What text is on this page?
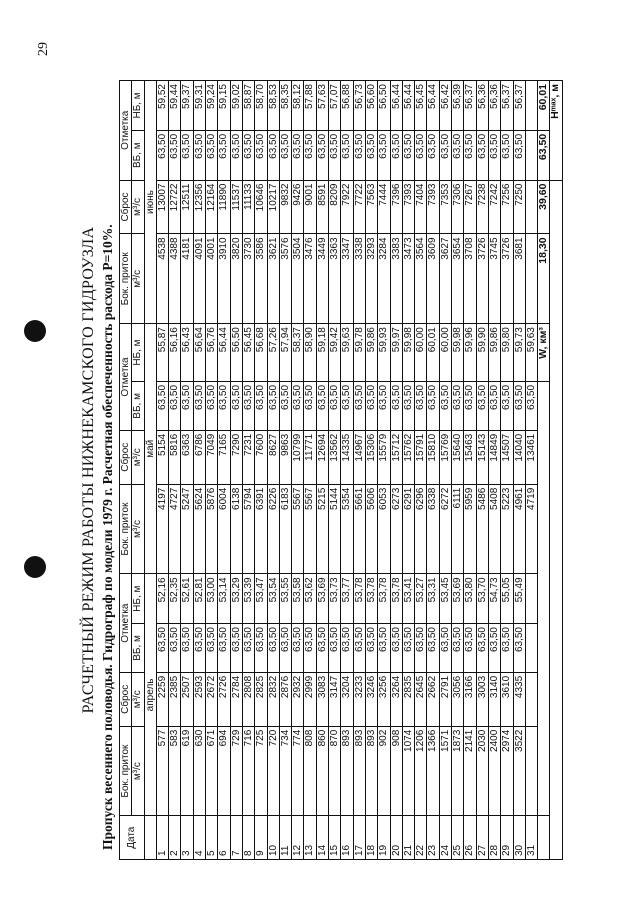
29
РАСЧЕТНЫЙ РЕЖИМ РАБОТЫ НИЖНЕКАМСКОГО ГИДРОУЗЛА Пропуск весеннего половодья. Гидрограф по модели 1979 г. Расчетная обеспеченность расхода Р=10%. Дата	Бок. приток	Сброс	Отметка		Бок. приток	Сброс	Отметка		Бок. приток	Сброс	Отметка	
	м³/с	м³/с	ВБ, м	НБ, м	м³/с	м³/с	ВБ, м	НБ, м	м³/с	м³/с	ВБ, м	НБ, м
	апрель				май				июнь			
1	577	2259	63,50	52,16	4197	5154	63,50	55,87	4538	13007	63,50	59,52
2	583	2385	63,50	52,35	4727	5816	63,50	56,16	4388	12722	63,50	59,44
3	619	2507	63,50	52,61	5247	6363	63,50	56,43	4181	12511	63,50	59,37
4	630	2593	63,50	52,81	5624	6786	63,50	56,64	4091	12356	63,50	59,31
5	671	2672	63,50	53,00	5876	7049	63,50	56,76	4001	12164	63,50	59,24
6	694	2726	63,50	53,14	6004	7165	63,50	56,44	3910	11890	63,50	59,15
7	729	2784	63,50	53,29	6138	7290	63,50	56,50	3820	11537	63,50	59,02
8	716	2808	63,50	53,39	5794	7231	63,50	56,45	3730	11133	63,50	58,87
9	725	2825	63,50	53,47	6391	7600	63,50	56,68	3586	10646	63,50	58,70
10	720	2832	63,50	53,54	6226	8627	63,50	57,26	3621	10217	63,50	58,53
11	734	2876	63,50	53,55	6183	9863	63,50	57,94	3576	9832	63,50	58,35
12	774	2932	63,50	53,58	5567	10799	63,50	58,37	3504	9426	63,50	58,12
13	808	2999	63,50	53,62	5567	11771	63,50	58,90	3476	9001	63,50	57,88
14	860	3083	63,50	53,69	5215	12694	63,50	59,18	3449	8591	63,50	57,63
15	870	3147	63,50	53,73	5144	13562	63,50	59,42	3363	8209	63,50	57,07
16	893	3204	63,50	53,77	5354	14335	63,50	59,63	3347	7922	63,50	56,88
17	893	3233	63,50	53,78	5661	14967	63,50	59,78	3338	7722	63,50	56,73
18	893	3246	63,50	53,78	5606	15306	63,50	59,86	3293	7563	63,50	56,60
19	902	3256	63,50	53,78	6053	15579	63,50	59,93	3284	7444	63,50	56,50
20	908	3264	63,50	53,78	6273	15712	63,50	59,97	3383	7396	63,50	56,44
21	1074	2835	63,50	53,41	6291	15762	63,50	59,98	3473	7393	63,50	56,44
22	1206	2645	63,50	53,27	6296	15791	63,50	60,00	3564	7404	63,50	56,45
23	1366	2662	63,50	53,31	6338	15810	63,50	60,01	3609	7393	63,50	56,44
24	1571	2791	63,50	53,45	6272	15769	63,50	60,00	3627	7353	63,50	56,42
25	1873	3056	63,50	53,69	6111	15640	63,50	59,98	3654	7306	63,50	56,39
26	2141	3166	63,50	53,80	5959	15463	63,50	59,96	3708	7267	63,50	56,37
27	2030	3003	63,50	53,70	5486	15143	63,50	59,90	3726	7238	63,50	56,36
28	2400	3140	63,50	54,73	5408	14849	63,50	59,86	3745	7242	63,50	56,36
29	2974	3610	63,50	55,05	5223	14507	63,50	59,80	3726	7256	63,50	56,37
30	3522	4335	63,50	55,49	4961	14040	63,50	59,73	3681	7250	63,50	56,37
31					4719	13461	63,50	59,63				
								W, км³	18,30	39,60	63,50	60,01
											Hᵐᵃˣ, м	
